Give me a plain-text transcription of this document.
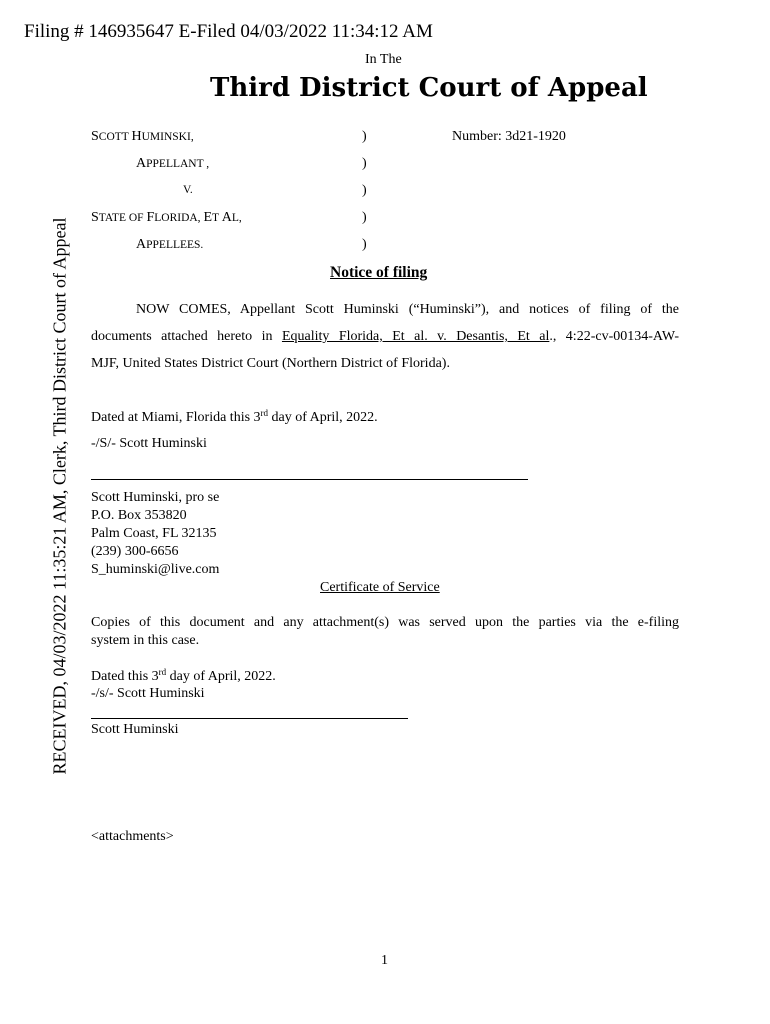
Filing # 146935647 E-Filed 04/03/2022 11:34:12 AM
RECEIVED, 04/03/2022 11:35:21 AM, Clerk, Third District Court of Appeal
In The
Third District Court of Appeal
SCOTT HUMINSKI,
APPELLANT ,
V.
STATE OF FLORIDA, ET AL,
APPELLEES.
)
)
)
)
)
Number: 3d21-1920
Notice of filing
NOW COMES, Appellant Scott Huminski (“Huminski”), and notices of filing of the
documents attached hereto in Equality Florida, Et al. v. Desantis, Et al., 4:22-cv-00134-AW-
MJF, United States District Court (Northern District of Florida).
Dated at Miami, Florida this 3rd day of April, 2022.
-/S/- Scott Huminski
Scott Huminski, pro se
P.O. Box 353820
Palm Coast, FL 32135
(239) 300-6656
S_huminski@live.com
Certificate of Service
Copies of this document and any attachment(s) was served upon the parties via the e-filing
system in this case.
Dated this 3rd day of April, 2022.
-/s/- Scott Huminski
Scott Huminski
<attachments>
1
